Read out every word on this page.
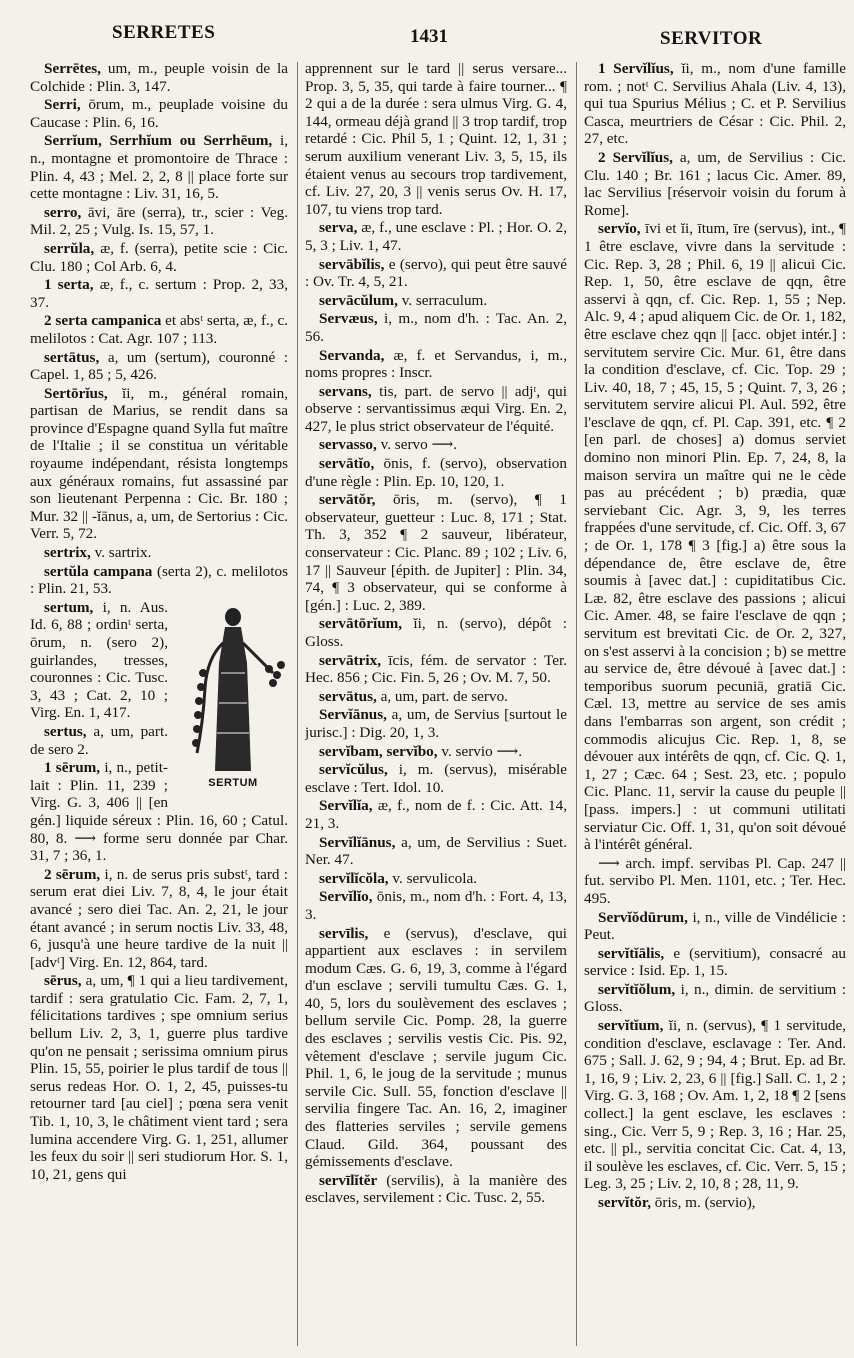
SERRETES	1431	SERVITOR

Serrētes, um, m., peuple voisin de la Colchide : Plin. 3, 147.

Serri, ōrum, m., peuplade voisine du Caucase : Plin. 6, 16.

Serrĭum, Serrhĭum ou Serrhēum, i, n., montagne et promontoire de Thrace : Plin. 4, 43 ; Mel. 2, 2, 8 || place forte sur cette montagne : Liv. 31, 16, 5.

serro, āvi, āre (serra), tr., scier : Veg. Mil. 2, 25 ; Vulg. Is. 15, 57, 1.

serrŭla, æ, f. (serra), petite scie : Cic. Clu. 180 ; Col Arb. 6, 4.

1 serta, æ, f., c. sertum : Prop. 2, 33, 37.

2 serta campanica et absᵗ serta, æ, f., c. melilotos : Cat. Agr. 107 ; 113.

sertātus, a, um (sertum), couronné : Capel. 1, 85 ; 5, 426.

Sertōrĭus, ĭi, m., général romain, partisan de Marius, se rendit dans sa province d'Espagne quand Sylla fut maître de l'Italie ; il se constitua un véritable royaume indépendant, résista longtemps aux généraux romains, fut assassiné par son lieutenant Perpenna : Cic. Br. 180 ; Mur. 32 || -ĭānus, a, um, de Sertorius : Cic. Verr. 5, 72.

sertrix, v. sartrix.

sertŭla campana (serta 2), c. melilotos : Plin. 21, 53.

SERTUM

sertum, i, n. Aus. Id. 6, 88 ; ordinᵗ serta, ōrum, n. (sero 2), guirlandes, tresses, couronnes : Cic. Tusc. 3, 43 ; Cat. 2, 10 ; Virg. En. 1, 417.

sertus, a, um, part. de sero 2.

1 sērum, i, n., petit-lait : Plin. 11, 239 ; Virg. G. 3, 406 || [en gén.] liquide séreux : Plin. 16, 60 ; Catul. 80, 8. ⟶ forme seru donnée par Char. 31, 7 ; 36, 1.

2 sērum, i, n. de serus pris substᵗ, tard : serum erat diei Liv. 7, 8, 4, le jour était avancé ; sero diei Tac. An. 2, 21, le jour étant avancé ; in serum noctis Liv. 33, 48, 6, jusqu'à une heure tardive de la nuit || [advᵗ] Virg. En. 12, 864, tard.

sērus, a, um, ¶ 1 qui a lieu tardivement, tardif : sera gratulatio Cic. Fam. 2, 7, 1, félicitations tardives ; spe omnium serius bellum Liv. 2, 3, 1, guerre plus tardive qu'on ne pensait ; serissima omnium pirus Plin. 15, 55, poirier le plus tardif de tous || serus redeas Hor. O. 1, 2, 45, puisses-tu retourner tard [au ciel] ; pœna sera venit Tib. 1, 10, 3, le châtiment vient tard ; sera lumina accendere Virg. G. 1, 251, allumer les feux du soir || seri studiorum Hor. S. 1, 10, 21, gens qui

apprennent sur le tard || serus versare... Prop. 3, 5, 35, qui tarde à faire tourner... ¶ 2 qui a de la durée : sera ulmus Virg. G. 4, 144, ormeau déjà grand || 3 trop tardif, trop retardé : Cic. Phil 5, 1 ; Quint. 12, 1, 31 ; serum auxilium venerant Liv. 3, 5, 15, ils étaient venus au secours trop tardivement, cf. Liv. 27, 20, 3 || venis serus Ov. H. 17, 107, tu viens trop tard.

serva, æ, f., une esclave : Pl. ; Hor. O. 2, 5, 3 ; Liv. 1, 47.

servābĭlis, e (servo), qui peut être sauvé : Ov. Tr. 4, 5, 21.

servācŭlum, v. serraculum.

Servæus, i, m., nom d'h. : Tac. An. 2, 56.

Servanda, æ, f. et Servandus, i, m., noms propres : Inscr.

servans, tis, part. de servo || adjᵗ, qui observe : servantissimus æqui Virg. En. 2, 427, le plus strict observateur de l'équité.

servasso, v. servo ⟶.

servātĭo, ōnis, f. (servo), observation d'une règle : Plin. Ep. 10, 120, 1.

servātŏr, ōris, m. (servo), ¶ 1 observateur, guetteur : Luc. 8, 171 ; Stat. Th. 3, 352 ¶ 2 sauveur, libérateur, conservateur : Cic. Planc. 89 ; 102 ; Liv. 6, 17 || Sauveur [épith. de Jupiter] : Plin. 34, 74, ¶ 3 observateur, qui se conforme à [gén.] : Luc. 2, 389.

servātōrĭum, ĭi, n. (servo), dépôt : Gloss.

servātrix, īcis, fém. de servator : Ter. Hec. 856 ; Cic. Fin. 5, 26 ; Ov. M. 7, 50.

servātus, a, um, part. de servo.

Servĭānus, a, um, de Servius [surtout le jurisc.] : Dig. 20, 1, 3.

servĭbam, servĭbo, v. servio ⟶.

servĭcŭlus, i, m. (servus), misérable esclave : Tert. Idol. 10.

Servĭlĭa, æ, f., nom de f. : Cic. Att. 14, 21, 3.

Servĭlĭānus, a, um, de Servilius : Suet. Ner. 47.

servĭlĭcŏla, v. servulicola.

Servĭlĭo, ōnis, m., nom d'h. : Fort. 4, 13, 3.

servīlis, e (servus), d'esclave, qui appartient aux esclaves : in servilem modum Cæs. G. 6, 19, 3, comme à l'égard d'un esclave ; servili tumultu Cæs. G. 1, 40, 5, lors du soulèvement des esclaves ; bellum servile Cic. Pomp. 28, la guerre des esclaves ; servilis vestis Cic. Pis. 92, vêtement d'esclave ; servile jugum Cic. Phil. 1, 6, le joug de la servitude ; munus servile Cic. Sull. 55, fonction d'esclave || servilia fingere Tac. An. 16, 2, imaginer des flatteries serviles ; servile gemens Claud. Gild. 364, poussant des gémissements d'esclave.

servīlĭtĕr (servilis), à la manière des esclaves, servilement : Cic. Tusc. 2, 55.

1 Servĭlĭus, ĭi, m., nom d'une famille rom. ; notᵗ C. Servilius Ahala (Liv. 4, 13), qui tua Spurius Mélius ; C. et P. Servilius Casca, meurtriers de César : Cic. Phil. 2, 27, etc.

2 Servĭlĭus, a, um, de Servilius : Cic. Clu. 140 ; Br. 161 ; lacus Cic. Amer. 89, lac Servilius [réservoir voisin du forum à Rome].

servĭo, īvi et ĭi, ītum, īre (servus), int., ¶ 1 être esclave, vivre dans la servitude : Cic. Rep. 3, 28 ; Phil. 6, 19 || alicui Cic. Rep. 1, 50, être esclave de qqn, être asservi à qqn, cf. Cic. Rep. 1, 55 ; Nep. Alc. 9, 4 ; apud aliquem Cic. de Or. 1, 182, être esclave chez qqn || [acc. objet intér.] : servitutem servire Cic. Mur. 61, être dans la condition d'esclave, cf. Cic. Top. 29 ; Liv. 40, 18, 7 ; 45, 15, 5 ; Quint. 7, 3, 26 ; servitutem servire alicui Pl. Aul. 592, être l'esclave de qqn, cf. Pl. Cap. 391, etc. ¶ 2 [en parl. de choses] a) domus serviet domino non minori Plin. Ep. 7, 24, 8, la maison servira un maître qui ne le cède pas au précédent ; b) prædia, quæ serviebant Cic. Agr. 3, 9, les terres frappées d'une servitude, cf. Cic. Off. 3, 67 ; de Or. 1, 178 ¶ 3 [fig.] a) être sous la dépendance de, être esclave de, être soumis à [avec dat.] : cupiditatibus Cic. Læ. 82, être esclave des passions ; alicui Cic. Amer. 48, se faire l'esclave de qqn ; servitum est brevitati Cic. de Or. 2, 327, on s'est asservi à la concision ; b) se mettre au service de, être dévoué à [avec dat.] : temporibus suorum pecuniā, gratiā Cic. Cæl. 13, mettre au service de ses amis dans l'embarras son argent, son crédit ; commodis alicujus Cic. Rep. 1, 8, se dévouer aux intérêts de qqn, cf. Cic. Q. 1, 1, 27 ; Cæc. 64 ; Sest. 23, etc. ; populo Cic. Planc. 11, servir la cause du peuple || [pass. impers.] : ut communi utilitati serviatur Cic. Off. 1, 31, qu'on soit dévoué à l'intérêt général.

⟶ arch. impf. servibas Pl. Cap. 247 || fut. servibo Pl. Men. 1101, etc. ; Ter. Hec. 495.

Servĭŏdūrum, i, n., ville de Vindélicie : Peut.

servĭtĭālis, e (servitium), consacré au service : Isid. Ep. 1, 15.

servĭtĭŏlum, i, n., dimin. de servitium : Gloss.

servĭtĭum, ĭi, n. (servus), ¶ 1 servitude, condition d'esclave, esclavage : Ter. And. 675 ; Sall. J. 62, 9 ; 94, 4 ; Brut. Ep. ad Br. 1, 16, 9 ; Liv. 2, 23, 6 || [fig.] Sall. C. 1, 2 ; Virg. G. 3, 168 ; Ov. Am. 1, 2, 18 ¶ 2 [sens collect.] la gent esclave, les esclaves : sing., Cic. Verr 5, 9 ; Rep. 3, 16 ; Har. 25, etc. || pl., servitia concitat Cic. Cat. 4, 13, il soulève les esclaves, cf. Cic. Verr. 5, 15 ; Leg. 3, 25 ; Liv. 2, 10, 8 ; 28, 11, 9.

servĭtŏr, ōris, m. (servio),
